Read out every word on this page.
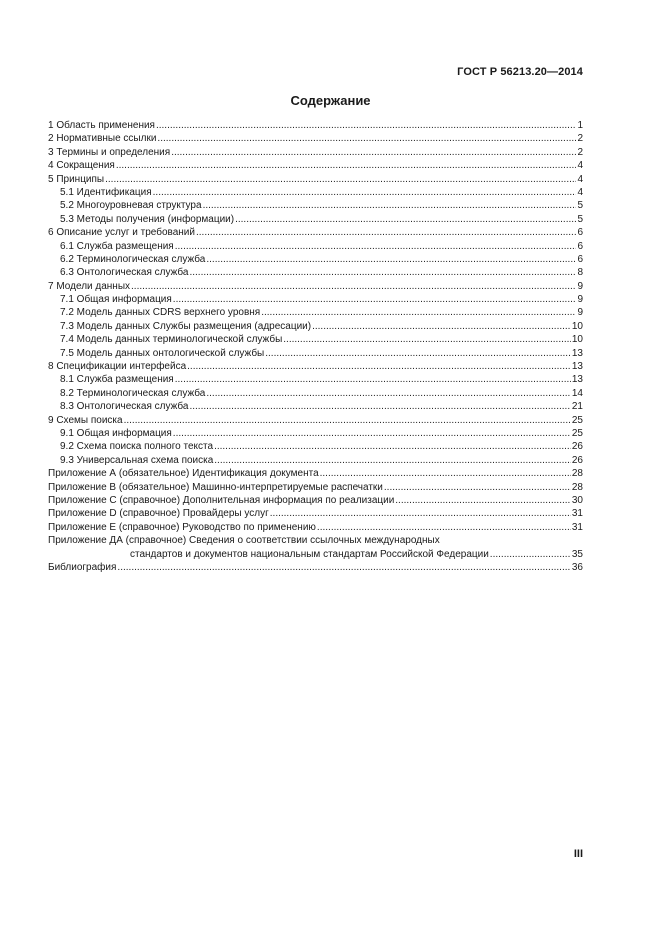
ГОСТ Р 56213.20—2014
Содержание
1 Область применения .....	1
2 Нормативные ссылки .....	2
3 Термины и определения .....	2
4 Сокращения .....	4
5 Принципы .....	4
5.1 Идентификация .....	4
5.2 Многоуровневая структура .....	5
5.3 Методы получения (информации) .....	5
6 Описание услуг и требований .....	6
6.1 Служба размещения .....	6
6.2 Терминологическая служба .....	6
6.3 Онтологическая служба .....	8
7 Модели данных .....	9
7.1 Общая информация .....	9
7.2 Модель данных CDRS верхнего уровня .....	9
7.3 Модель данных Службы размещения (адресации) .....	10
7.4 Модель данных терминологической службы .....	10
7.5 Модель данных онтологической службы .....	13
8 Спецификации интерфейса .....	13
8.1 Служба размещения .....	13
8.2 Терминологическая служба .....	14
8.3 Онтологическая служба .....	21
9 Схемы поиска .....	25
9.1 Общая информация .....	25
9.2 Схема поиска полного текста .....	26
9.3 Универсальная схема поиска .....	26
Приложение А (обязательное) Идентификация документа .....	28
Приложение В (обязательное) Машинно-интерпретируемые распечатки .....	28
Приложение С (справочное) Дополнительная информация по реализации .....	30
Приложение D (справочное) Провайдеры услуг .....	31
Приложение Е (справочное) Руководство по применению .....	31
Приложение ДА (справочное) Сведения о соответствии ссылочных международных
стандартов и документов национальным стандартам Российской Федерации .....	35
Библиография .....	36
III
